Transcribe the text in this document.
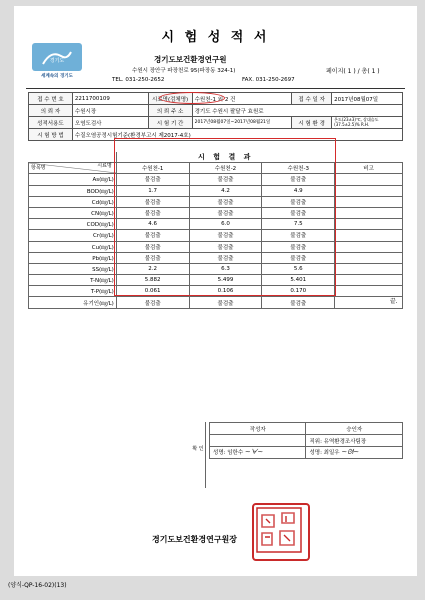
시 험 성 적 서
경기도
세계속의 경기도
경기도보건환경연구원
수원시 장안구 파장천로 95(파장동 324-1)
TEL. 031-250-2652	FAX. 031-250-2697
페이지( 1 ) / 총( 1 )
접 수 번 호	2211700109	시료명(검체명)	수원천-1 외 2 건	접 수 일 자	2017년08월07일
의 뢰 자	수원시장	의 뢰 주 소	경기도 수원시 팔달구 효원로		
성적서용도	오염도검사	시 험 기 간	2017년08월07일~2017년08월21일	시 험 환 경	온도(23±3)℃, 상대습도(37.5±2.5)% R.H.
시 험 방 법	수질오염공정시험기준(환경부고시 제2017-4호)				
	시 험 결 과			

항목명 시료명	수원천-1	수원천-2	수원천-3	비고
As(㎎/L)	불검출	불검출	불검출	
BOD(㎎/L)	1.7	4.2	4.9	
Cd(㎎/L)	불검출	불검출	불검출	
CN(㎎/L)	불검출	불검출	불검출	
COD(㎎/L)	4.6	6.0	7.5	
Cr(㎎/L)	불검출	불검출	불검출	
Cu(㎎/L)	불검출	불검출	불검출	
Pb(㎎/L)	불검출	불검출	불검출	
SS(㎎/L)	2.2	6.3	5.6	
T-N(㎎/L)	5.882	5.499	5.401	
T-P(㎎/L)	0.061	0.106	0.170	
유기인(㎎/L)	불검출	불검출	불검출		끝.
확 인
작성자	승인자
	직위: 유역환경조사팀장
성명: 임한수 ~ᗄ~	성명: 최일우 ~ᘛ~
경기도보건환경연구원장
(양식-QP-16-02)(13)
